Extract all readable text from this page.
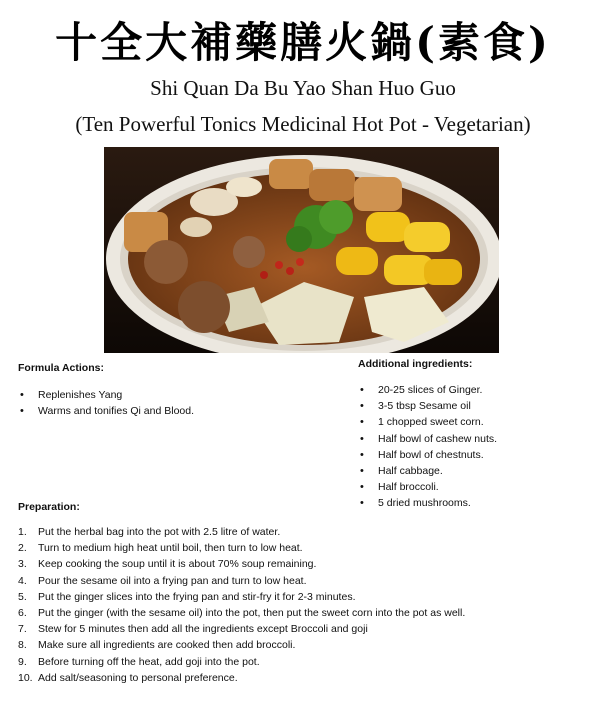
十全大補藥膳火鍋(素食)
Shi Quan Da Bu Yao Shan Huo Guo
(Ten Powerful Tonics Medicinal Hot Pot - Vegetarian)
Formula Actions:
• Replenishes Yang
• Warms and tonifies Qi and Blood.
Additional ingredients:
• 20-25 slices of Ginger.
• 3-5 tbsp Sesame oil
• 1 chopped sweet corn.
• Half bowl of cashew nuts.
• Half bowl of chestnuts.
• Half cabbage.
• Half broccoli.
• 5 dried mushrooms.
Preparation:
1. Put the herbal bag into the pot with 2.5 litre of water.
2. Turn to medium high heat until boil, then turn to low heat.
3. Keep cooking the soup until it is about 70% soup remaining.
4. Pour the sesame oil into a frying pan and turn to low heat.
5. Put the ginger slices into the frying pan and stir-fry it for 2-3 minutes.
6. Put the ginger (with the sesame oil) into the pot, then put the sweet corn into the pot as well.
7. Stew for 5 minutes then add all the ingredients except Broccoli and goji
8. Make sure all ingredients are cooked then add broccoli.
9. Before turning off the heat, add goji into the pot.
10. Add salt/seasoning to personal preference.
